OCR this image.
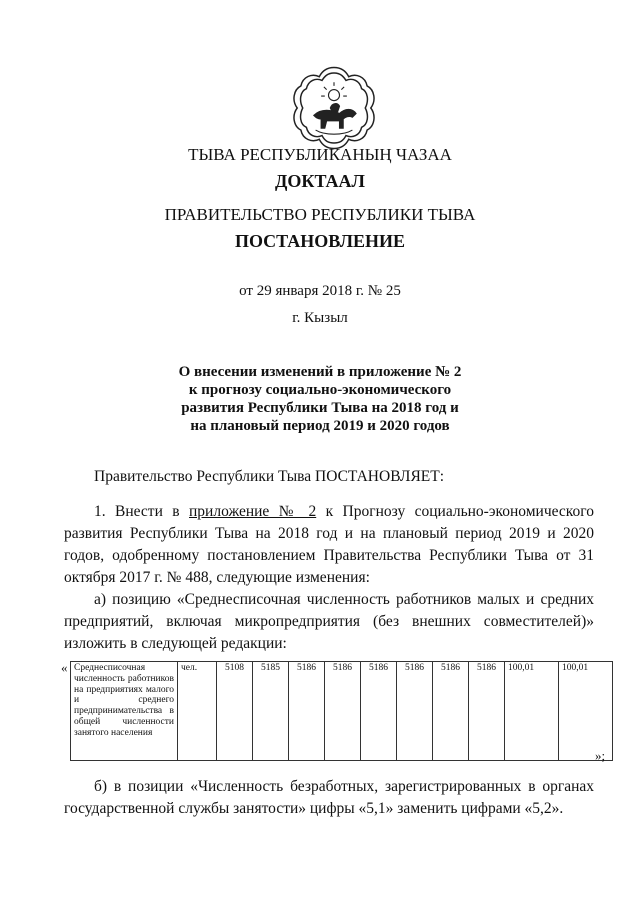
ТЫВА РЕСПУБЛИКАНЫҢ ЧАЗАА
ДОКТААЛ
ПРАВИТЕЛЬСТВО РЕСПУБЛИКИ ТЫВА
ПОСТАНОВЛЕНИЕ
от 29 января 2018 г. № 25
г. Кызыл
О внесении изменений в приложение № 2
к прогнозу социально-экономического
развития Республики Тыва на 2018 год и
на плановый период 2019 и 2020 годов
Правительство Республики Тыва ПОСТАНОВЛЯЕТ:
1. Внести в приложение № 2 к Прогнозу социально-экономического развития Республики Тыва на 2018 год и на плановый период 2019 и 2020 годов, одобренному постановлением Правительства Республики Тыва от 31 октября 2017 г. № 488, следующие изменения:
а) позицию «Среднесписочная численность работников малых и средних предприятий, включая микропредприятия (без внешних совместителей)» изложить в следующей редакции:
« Среднесписочная численность работников на предприятиях малого и среднего предпринимательства в общей численности занятого населения	чел.	5108	5185	5186	5186	5186	5186	5186	5186	100,01	100,01
»;
б) в позиции «Численность безработных, зарегистрированных в органах государственной службы занятости» цифры «5,1» заменить цифрами «5,2».
